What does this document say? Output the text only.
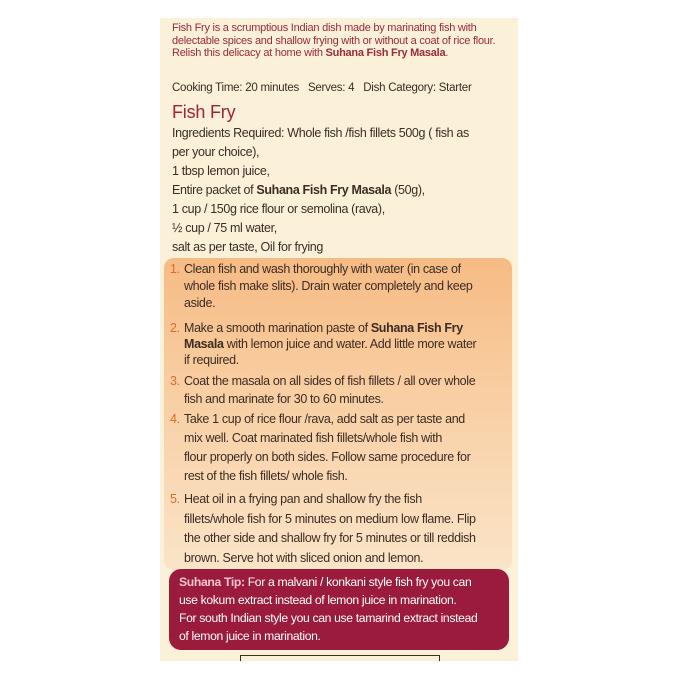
Fish Fry is a scrumptious Indian dish made by marinating fish with delectable spices and shallow frying with or without a coat of rice flour. Relish this delicacy at home with Suhana Fish Fry Masala.
Cooking Time: 20 minutes Serves: 4 Dish Category: Starter
Fish Fry
Ingredients Required: Whole fish /fish fillets 500g ( fish as
per your choice),
1 tbsp lemon juice,
Entire packet of Suhana Fish Fry Masala (50g),
1 cup / 150g rice flour or semolina (rava),
½ cup / 75 ml water,
salt as per taste, Oil for frying
1. Clean fish and wash thoroughly with water (in case of
whole fish make slits). Drain water completely and keep
aside.
2. Make a smooth marination paste of Suhana Fish Fry
Masala with lemon juice and water. Add little more water
if required.
3. Coat the masala on all sides of fish fillets / all over whole
fish and marinate for 30 to 60 minutes.
4. Take 1 cup of rice flour /rava, add salt as per taste and
mix well. Coat marinated fish fillets/whole fish with
flour properly on both sides. Follow same procedure for
rest of the fish fillets/ whole fish.
5. Heat oil in a frying pan and shallow fry the fish
fillets/whole fish for 5 minutes on medium low flame. Flip
the other side and shallow fry for 5 minutes or till reddish
brown. Serve hot with sliced onion and lemon.
Suhana Tip: For a malvani / konkani style fish fry you can
use kokum extract instead of lemon juice in marination.
For south Indian style you can use tamarind extract instead
of lemon juice in marination.
